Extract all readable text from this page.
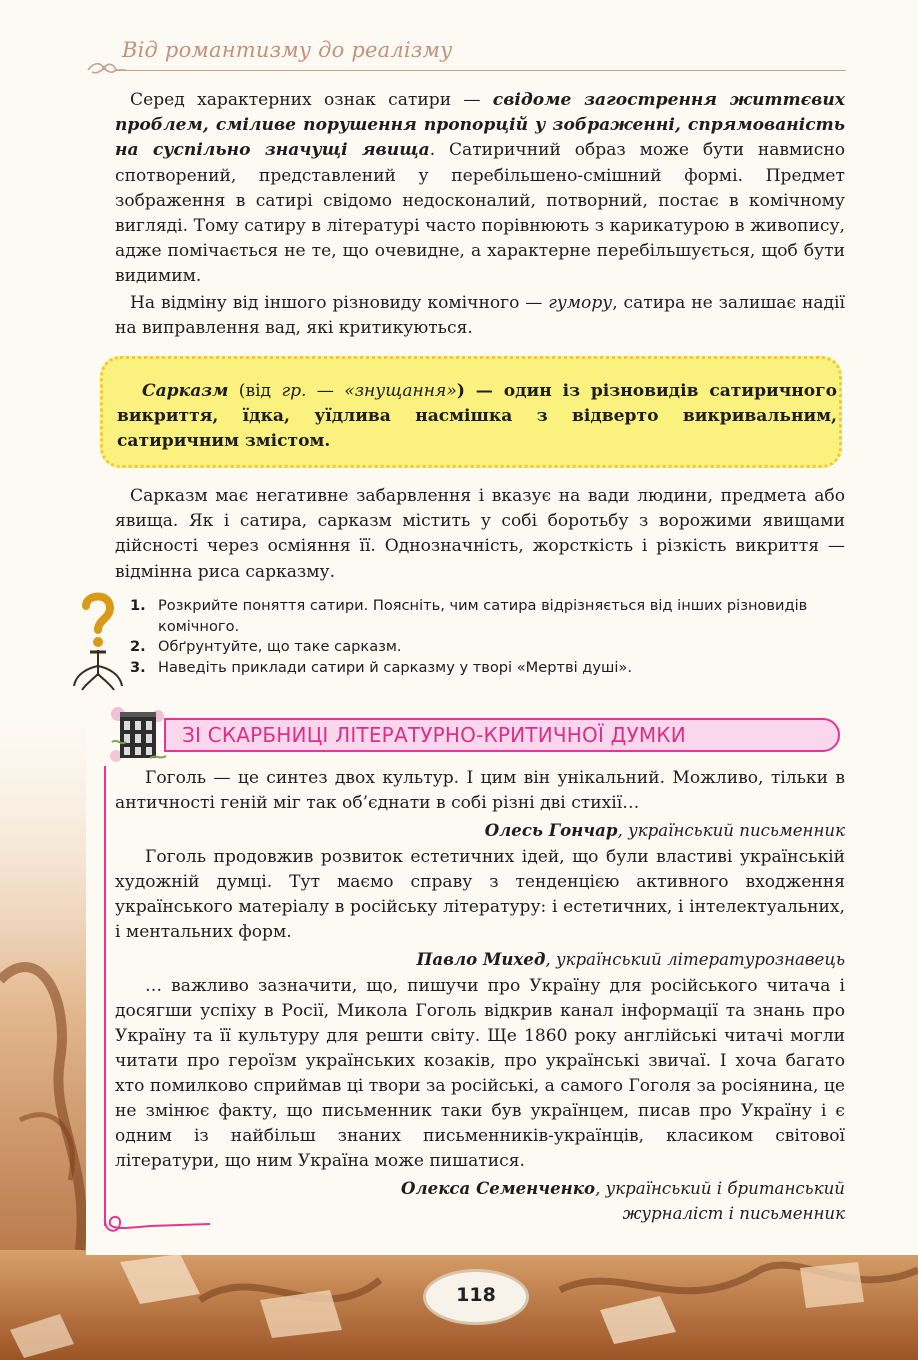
Від романтизму до реалізму

Серед характерних ознак сатири — свідоме загострення життєвих проблем, сміливе порушення пропорцій у зображенні, спрямованість на суспільно значущі явища. Сатиричний образ може бути навмисно спотворений, представлений у перебільшено-смішний формі. Предмет зображення в сатирі свідомо недосконалий, потворний, постає в комічному вигляді. Тому сатиру в літературі часто порівнюють з карикатурою в живопису, адже помічається не те, що очевидне, а характерне перебільшується, щоб бути видимим.

На відміну від іншого різновиду комічного — гумору, сатира не залишає надії на виправлення вад, які критикуються.

Сарказм (від гр. — «знущання») — один із різновидів сатиричного викриття, їдка, уїдлива насмішка з відверто викривальним, сатиричним змістом.

Сарказм має негативне забарвлення і вказує на вади людини, предмета або явища. Як і сатира, сарказм містить у собі боротьбу з ворожими явищами дійсності через осміяння її. Однозначність, жорсткість і різкість викриття — відмінна риса сарказму.

1. Розкрийте поняття сатири. Поясніть, чим сатира відрізняється від інших різновидів комічного.
2. Обґрунтуйте, що таке сарказм.
3. Наведіть приклади сатири й сарказму у творі «Мертві душі».
ЗІ СКАРБНИЦІ ЛІТЕРАТУРНО-КРИТИЧНОЇ ДУМКИ

Гоголь — це синтез двох культур. І цим він унікальний. Можливо, тільки в античності геній міг так об’єднати в собі різні дві стихії…

Олесь Гончар, український письменник

Гоголь продовжив розвиток естетичних ідей, що були властиві українській художній думці. Тут маємо справу з тенденцією активного входження українського матеріалу в російську літературу: і естетичних, і інтелектуальних, і ментальних форм.

Павло Михед, український літературознавець

… важливо зазначити, що, пишучи про Україну для російського читача і досягши успіху в Росії, Микола Гоголь відкрив канал інформації та знань про Україну та її культуру для решти світу. Ще 1860 року англійські читачі могли читати про героїзм українських козаків, про українські звичаї. І хоча багато хто помилково сприймав ці твори за російські, а самого Гоголя за росіянина, це не змінює факту, що письменник таки був українцем, писав про Україну і є одним із найбільш знаних письменників-українців, класиком світової літератури, що ним Україна може пишатися.

Олекса Семенченко, український і британський
журналіст і письменник
118
